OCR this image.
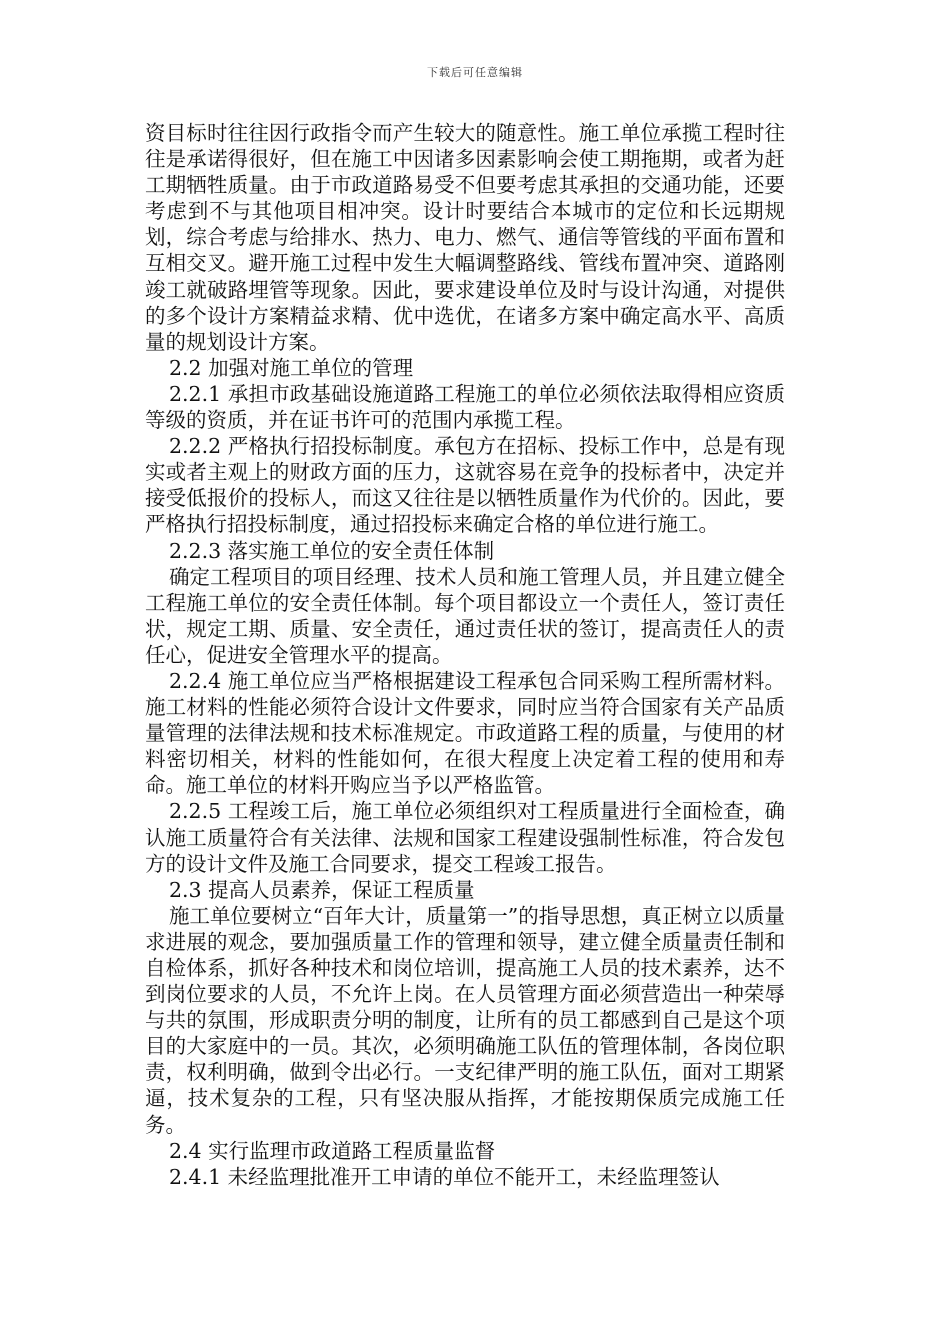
下载后可任意编辑

资目标时往往因行政指令而产生较大的随意性。施工单位承揽工程时往往是承诺得很好，但在施工中因诸多因素影响会使工期拖期，或者为赶工期牺牲质量。由于市政道路易受不但要考虑其承担的交通功能，还要考虑到不与其他项目相冲突。设计时要结合本城市的定位和长远期规划，综合考虑与给排水、热力、电力、燃气、通信等管线的平面布置和互相交叉。避开施工过程中发生大幅调整路线、管线布置冲突、道路刚竣工就破路埋管等现象。因此，要求建设单位及时与设计沟通，对提供的多个设计方案精益求精、优中选优，在诸多方案中确定高水平、高质量的规划设计方案。

2.2 加强对施工单位的管理

2.2.1 承担市政基础设施道路工程施工的单位必须依法取得相应资质等级的资质，并在证书许可的范围内承揽工程。

2.2.2 严格执行招投标制度。承包方在招标、投标工作中，总是有现实或者主观上的财政方面的压力，这就容易在竞争的投标者中，决定并接受低报价的投标人，而这又往往是以牺牲质量作为代价的。因此，要严格执行招投标制度，通过招投标来确定合格的单位进行施工。

2.2.3 落实施工单位的安全责任体制

确定工程项目的项目经理、技术人员和施工管理人员，并且建立健全工程施工单位的安全责任体制。每个项目都设立一个责任人，签订责任状，规定工期、质量、安全责任，通过责任状的签订，提高责任人的责任心，促进安全管理水平的提高。

2.2.4 施工单位应当严格根据建设工程承包合同采购工程所需材料。施工材料的性能必须符合设计文件要求，同时应当符合国家有关产品质量管理的法律法规和技术标准规定。市政道路工程的质量，与使用的材料密切相关，材料的性能如何，在很大程度上决定着工程的使用和寿命。施工单位的材料开购应当予以严格监管。

2.2.5 工程竣工后，施工单位必须组织对工程质量进行全面检查，确认施工质量符合有关法律、法规和国家工程建设强制性标准，符合发包方的设计文件及施工合同要求，提交工程竣工报告。

2.3 提高人员素养，保证工程质量

施工单位要树立“百年大计，质量第一”的指导思想，真正树立以质量求进展的观念，要加强质量工作的管理和领导，建立健全质量责任制和自检体系，抓好各种技术和岗位培训，提高施工人员的技术素养，达不到岗位要求的人员，不允许上岗。在人员管理方面必须营造出一种荣辱与共的氛围，形成职责分明的制度，让所有的员工都感到自己是这个项目的大家庭中的一员。其次，必须明确施工队伍的管理体制，各岗位职责，权利明确，做到令出必行。一支纪律严明的施工队伍，面对工期紧逼，技术复杂的工程，只有坚决服从指挥，才能按期保质完成施工任务。

2.4 实行监理市政道路工程质量监督

2.4.1 未经监理批准开工申请的单位不能开工，未经监理签认
